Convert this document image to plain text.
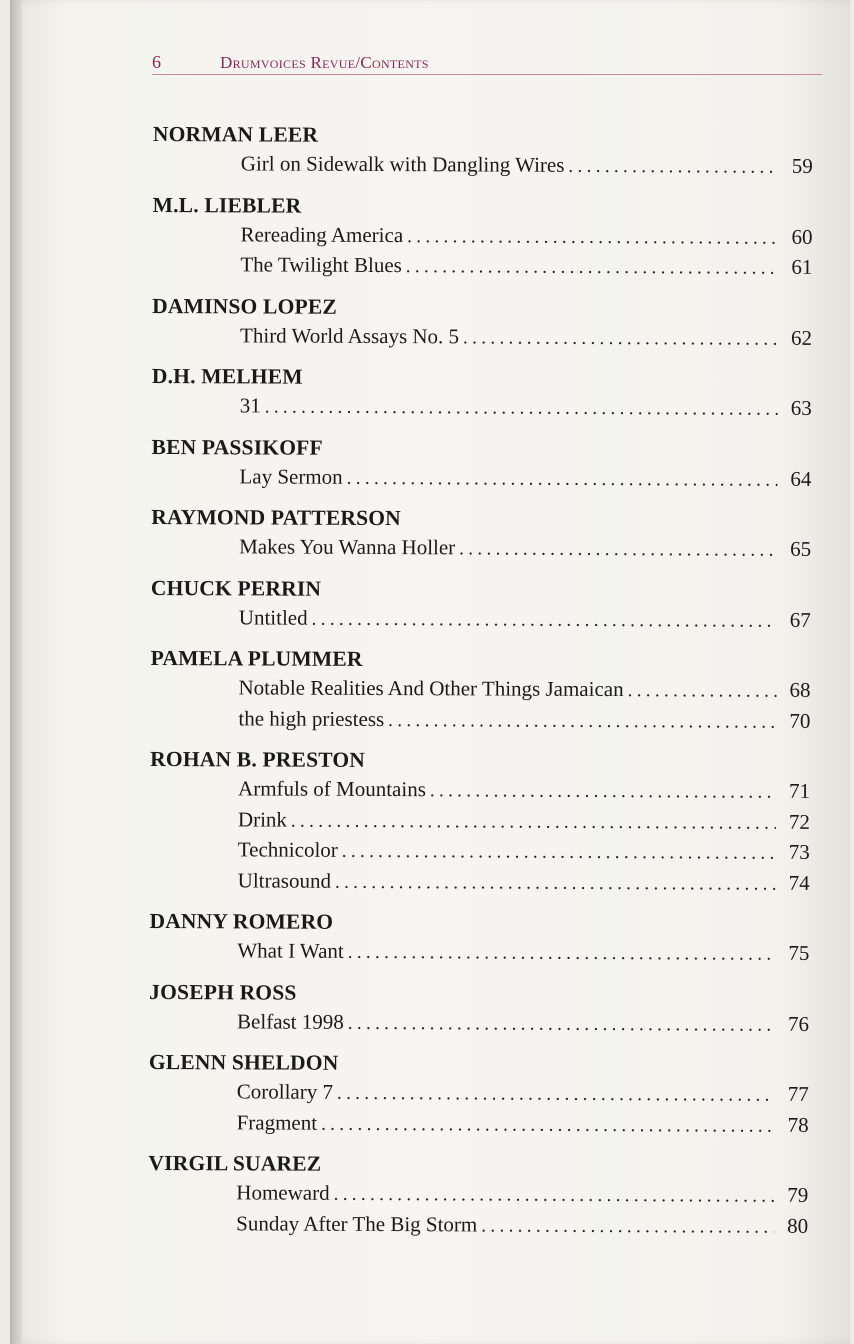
6	Drumvoices Revue/Contents
NORMAN LEER
Girl on Sidewalk with Dangling Wires . . .	59
M.L. LIEBLER
Rereading America . . .	60
The Twilight Blues . . .	61
DAMINSO LOPEZ
Third World Assays No. 5 . . .	62
D.H. MELHEM
31 . . .	63
BEN PASSIKOFF
Lay Sermon . . .	64
RAYMOND PATTERSON
Makes You Wanna Holler . . .	65
CHUCK PERRIN
Untitled . . .	67
PAMELA PLUMMER
Notable Realities And Other Things Jamaican . . .	68
the high priestess . . .	70
ROHAN B. PRESTON
Armfuls of Mountains . . .	71
Drink . . .	72
Technicolor . . .	73
Ultrasound . . .	74
DANNY ROMERO
What I Want . . .	75
JOSEPH ROSS
Belfast 1998 . . .	76
GLENN SHELDON
Corollary 7 . . .	77
Fragment . . .	78
VIRGIL SUAREZ
Homeward . . .	79
Sunday After The Big Storm . . .	80
